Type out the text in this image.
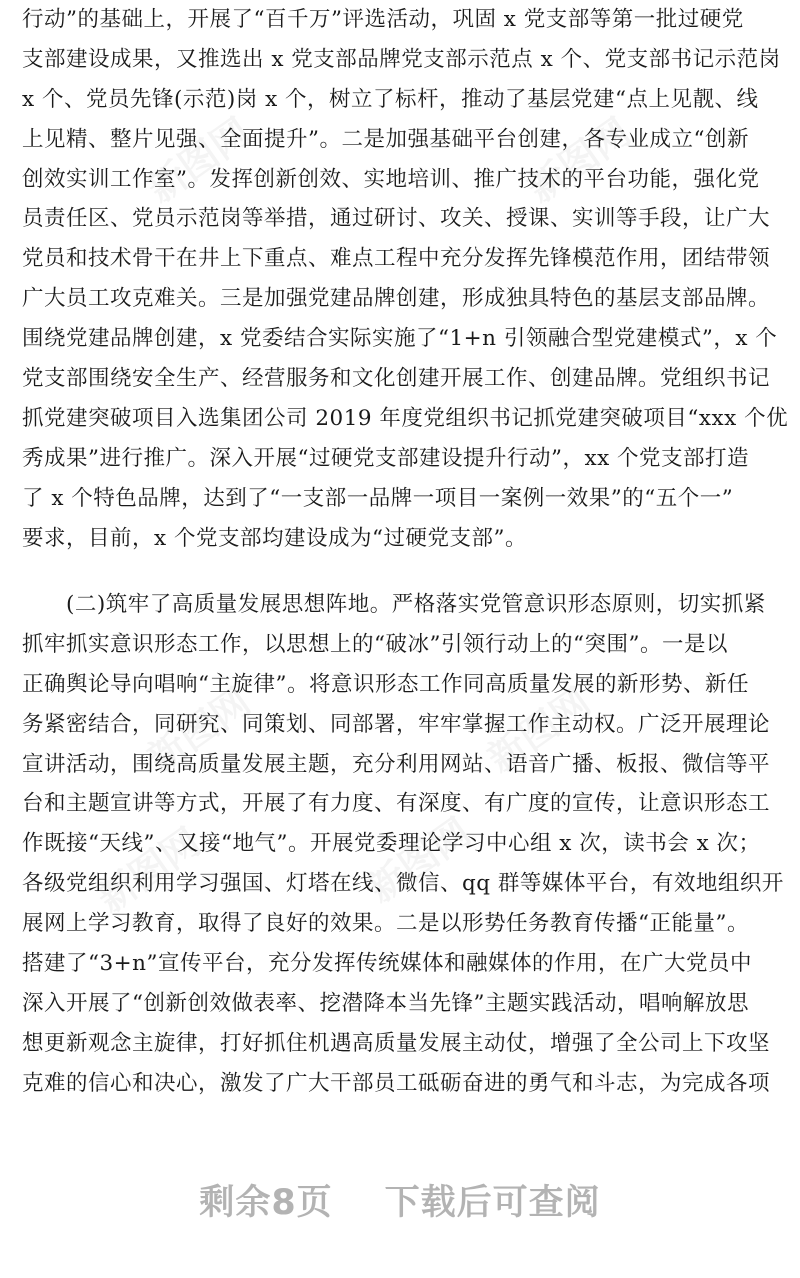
新图网	新图网
新图网	新图网
新图网	新图网
行动”的基础上，开展了“百千万”评选活动，巩固 x 党支部等第一批过硬党
支部建设成果，又推选出 x 党支部品牌党支部示范点 x 个、党支部书记示范岗
x 个、党员先锋(示范)岗 x 个，树立了标杆，推动了基层党建“点上见靓、线
上见精、整片见强、全面提升”。二是加强基础平台创建，各专业成立“创新
创效实训工作室”。发挥创新创效、实地培训、推广技术的平台功能，强化党
员责任区、党员示范岗等举措，通过研讨、攻关、授课、实训等手段，让广大
党员和技术骨干在井上下重点、难点工程中充分发挥先锋模范作用，团结带领
广大员工攻克难关。三是加强党建品牌创建，形成独具特色的基层支部品牌。
围绕党建品牌创建，x 党委结合实际实施了“1+n 引领融合型党建模式”，x 个
党支部围绕安全生产、经营服务和文化创建开展工作、创建品牌。党组织书记
抓党建突破项目入选集团公司 2019 年度党组织书记抓党建突破项目“xxx 个优
秀成果”进行推广。深入开展“过硬党支部建设提升行动”，xx 个党支部打造
了 x 个特色品牌，达到了“一支部一品牌一项目一案例一效果”的“五个一”
要求，目前，x 个党支部均建设成为“过硬党支部”。
　　(二)筑牢了高质量发展思想阵地。严格落实党管意识形态原则，切实抓紧
抓牢抓实意识形态工作，以思想上的“破冰”引领行动上的“突围”。一是以
正确舆论导向唱响“主旋律”。将意识形态工作同高质量发展的新形势、新任
务紧密结合，同研究、同策划、同部署，牢牢掌握工作主动权。广泛开展理论
宣讲活动，围绕高质量发展主题，充分利用网站、语音广播、板报、微信等平
台和主题宣讲等方式，开展了有力度、有深度、有广度的宣传，让意识形态工
作既接“天线”、又接“地气”。开展党委理论学习中心组 x 次，读书会 x 次；
各级党组织利用学习强国、灯塔在线、微信、qq 群等媒体平台，有效地组织开
展网上学习教育，取得了良好的效果。二是以形势任务教育传播“正能量”。
搭建了“3+n”宣传平台，充分发挥传统媒体和融媒体的作用，在广大党员中
深入开展了“创新创效做表率、挖潜降本当先锋”主题实践活动，唱响解放思
想更新观念主旋律，打好抓住机遇高质量发展主动仗，增强了全公司上下攻坚
克难的信心和决心，激发了广大干部员工砥砺奋进的勇气和斗志，为完成各项
剩余8页 下载后可查阅
